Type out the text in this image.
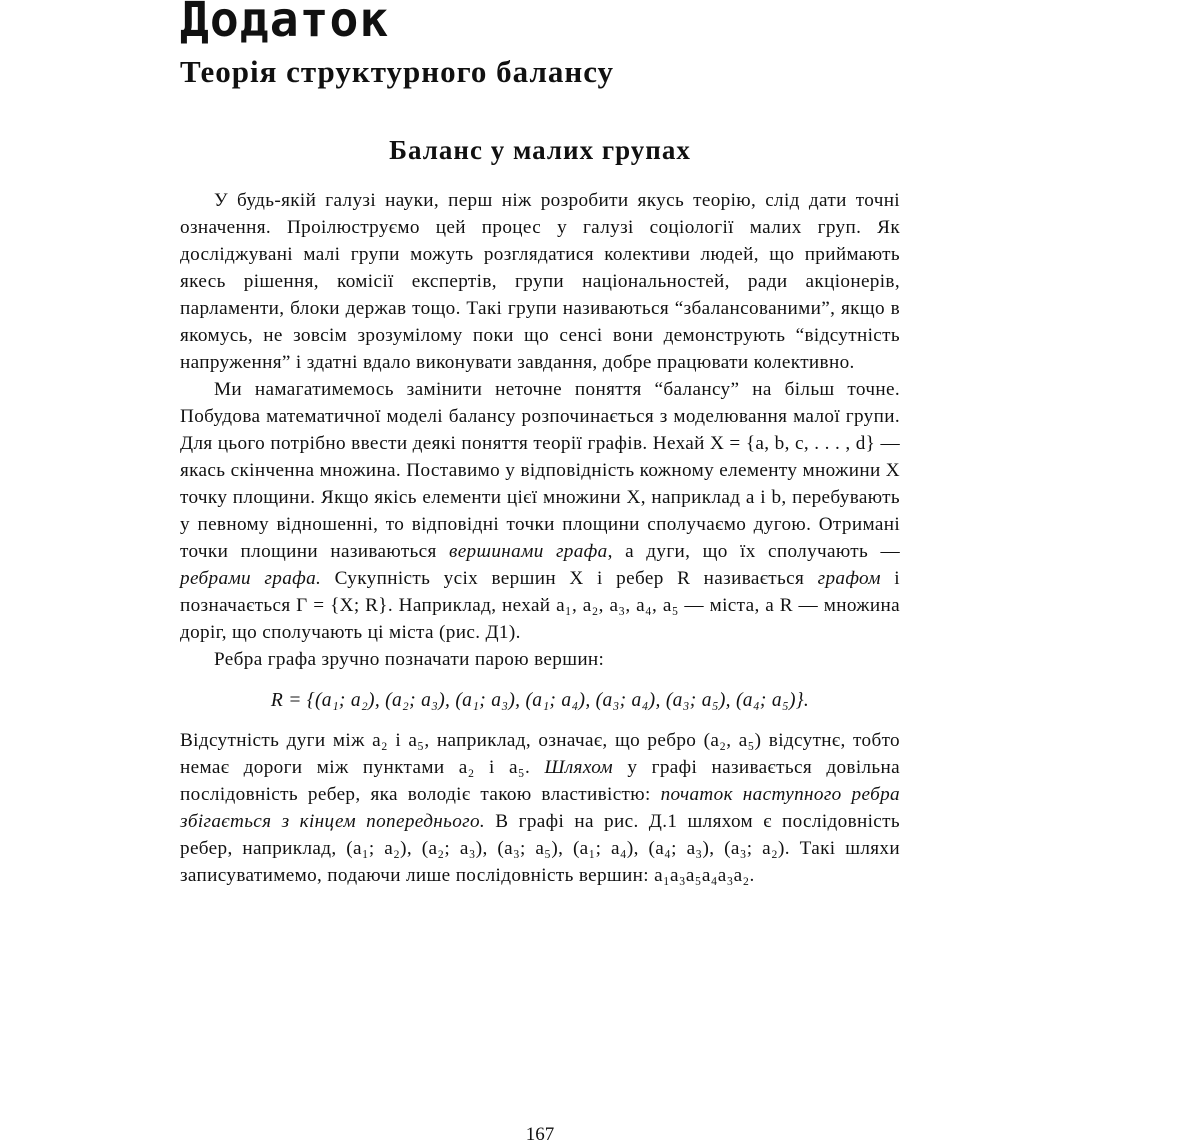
Додаток
Теорія структурного балансу
Баланс у малих групах

У будь-якій галузі науки, перш ніж розробити якусь теорію, слід дати точні означення. Проілюструємо цей процес у галузі соціології малих груп. Як досліджувані малі групи можуть розглядатися колективи людей, що приймають якесь рішення, комісії експертів, групи національностей, ради акціонерів, парламенти, блоки держав тощо. Такі групи називаються “збалансованими”, якщо в якомусь, не зовсім зрозумілому поки що сенсі вони демонструють “відсутність напруження” і здатні вдало виконувати завдання, добре працювати колективно.

Ми намагатимемось замінити неточне поняття “балансу” на більш точне. Побудова математичної моделі балансу розпочинається з моделювання малої групи. Для цього потрібно ввести деякі поняття теорії графів. Нехай X = {a, b, c, . . . , d} — якась скінченна множина. Поставимо у відповідність кожному елементу множини X точку площини. Якщо якісь елементи цієї множини X, наприклад a і b, перебувають у певному відношенні, то відповідні точки площини сполучаємо дугою. Отримані точки площини називаються вершинами графа, а дуги, що їх сполучають — ребрами графа. Сукупність усіх вершин X і ребер R називається графом і позначається Γ = {X; R}. Наприклад, нехай a₁, a₂, a₃, a₄, a₅ — міста, а R — множина доріг, що сполучають ці міста (рис. Д1).

Ребра графа зручно позначати парою вершин:

R = {(a₁; a₂), (a₂; a₃), (a₁; a₃), (a₁; a₄), (a₃; a₄), (a₃; a₅), (a₄; a₅)}.

Відсутність дуги між a₂ і a₅, наприклад, означає, що ребро (a₂, a₅) відсутнє, тобто немає дороги між пунктами a₂ і a₅. Шляхом у графі називається довільна послідовність ребер, яка володіє такою властивістю: початок наступного ребра збігається з кінцем попереднього. В графі на рис. Д.1 шляхом є послідовність ребер, наприклад, (a₁; a₂), (a₂; a₃), (a₃; a₅), (a₁; a₄), (a₄; a₃), (a₃; a₂). Такі шляхи записуватимемо, подаючи лише послідовність вершин: a₁a₃a₅a₄a₃a₂.

167
